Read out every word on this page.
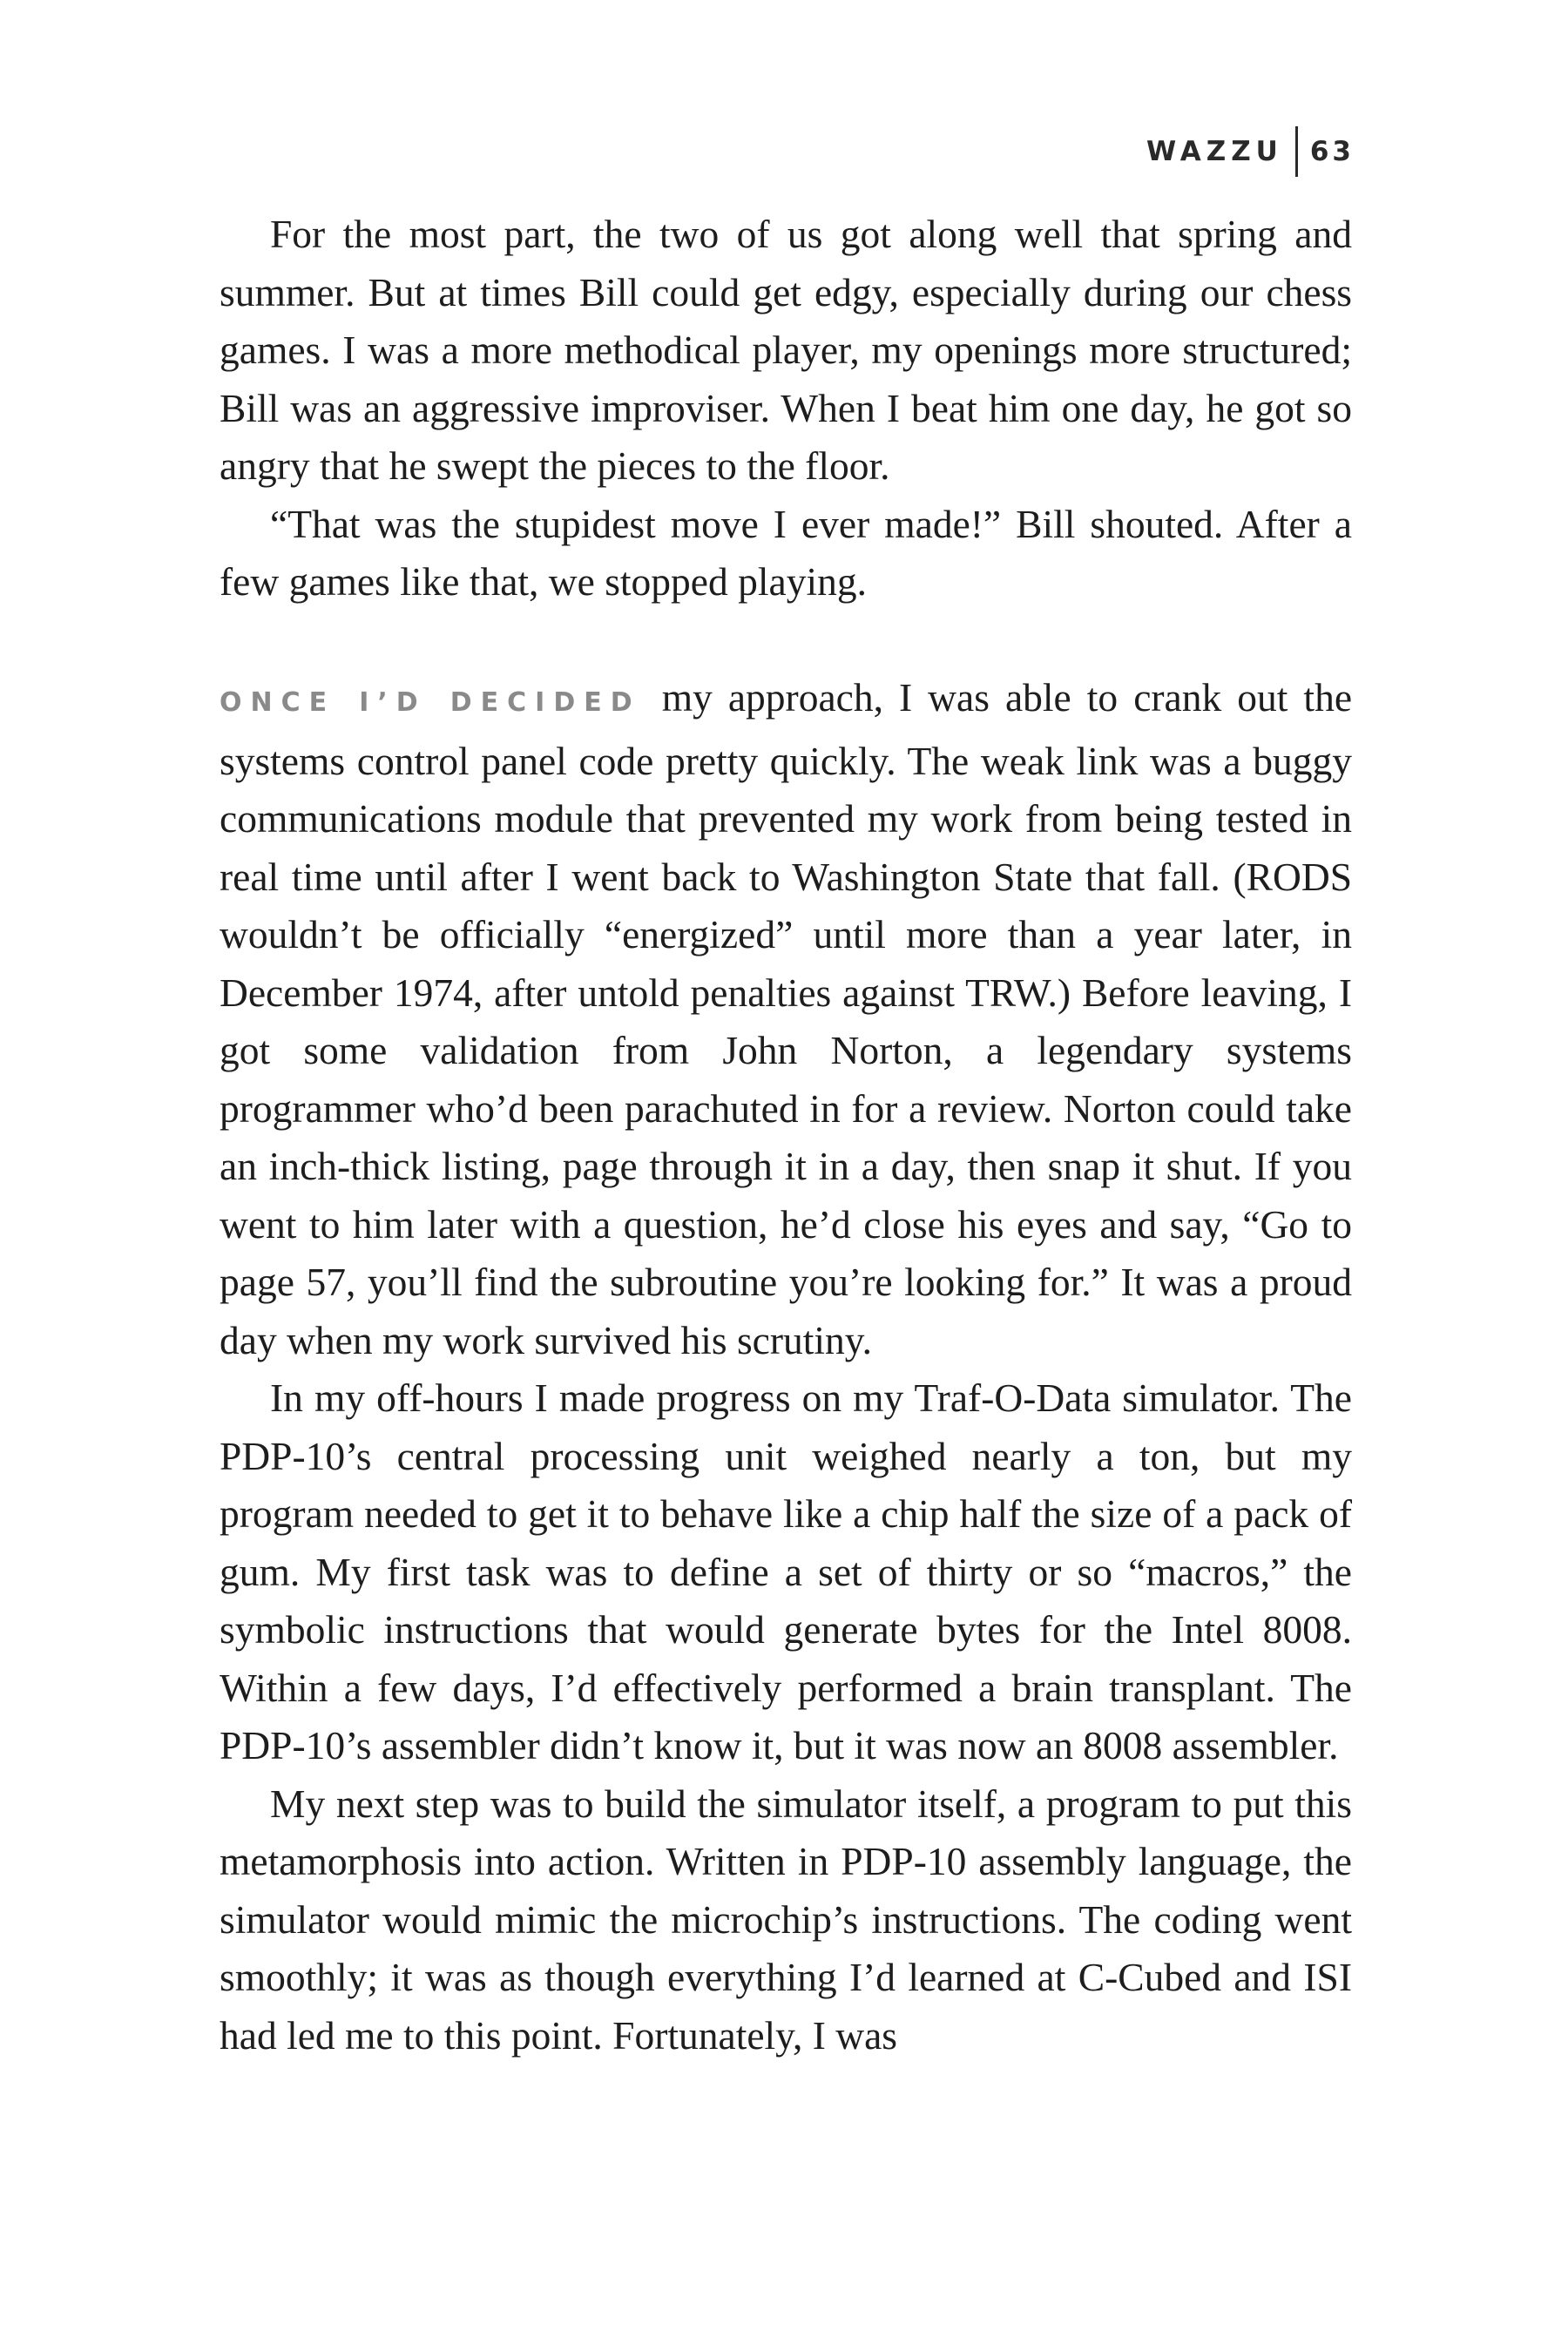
WAZZU 63

For the most part, the two of us got along well that spring and summer. But at times Bill could get edgy, especially during our chess games. I was a more methodical player, my openings more structured; Bill was an aggressive improviser. When I beat him one day, he got so angry that he swept the pieces to the floor.

“That was the stupidest move I ever made!” Bill shouted. After a few games like that, we stopped playing.

ONCE I’D DECIDED my approach, I was able to crank out the systems control panel code pretty quickly. The weak link was a buggy communications module that prevented my work from being tested in real time until after I went back to Washington State that fall. (RODS wouldn’t be officially “energized” until more than a year later, in December 1974, after untold penalties against TRW.) Before leaving, I got some validation from John Norton, a legendary systems programmer who’d been parachuted in for a review. Norton could take an inch-thick listing, page through it in a day, then snap it shut. If you went to him later with a question, he’d close his eyes and say, “Go to page 57, you’ll find the subroutine you’re looking for.” It was a proud day when my work survived his scrutiny.

In my off-hours I made progress on my Traf-O-Data simulator. The PDP-10’s central processing unit weighed nearly a ton, but my program needed to get it to behave like a chip half the size of a pack of gum. My first task was to define a set of thirty or so “macros,” the symbolic instructions that would generate bytes for the Intel 8008. Within a few days, I’d effectively performed a brain transplant. The PDP-10’s assembler didn’t know it, but it was now an 8008 assembler.

My next step was to build the simulator itself, a program to put this metamorphosis into action. Written in PDP-10 assembly language, the simulator would mimic the microchip’s instructions. The coding went smoothly; it was as though everything I’d learned at C-Cubed and ISI had led me to this point. Fortunately, I was
